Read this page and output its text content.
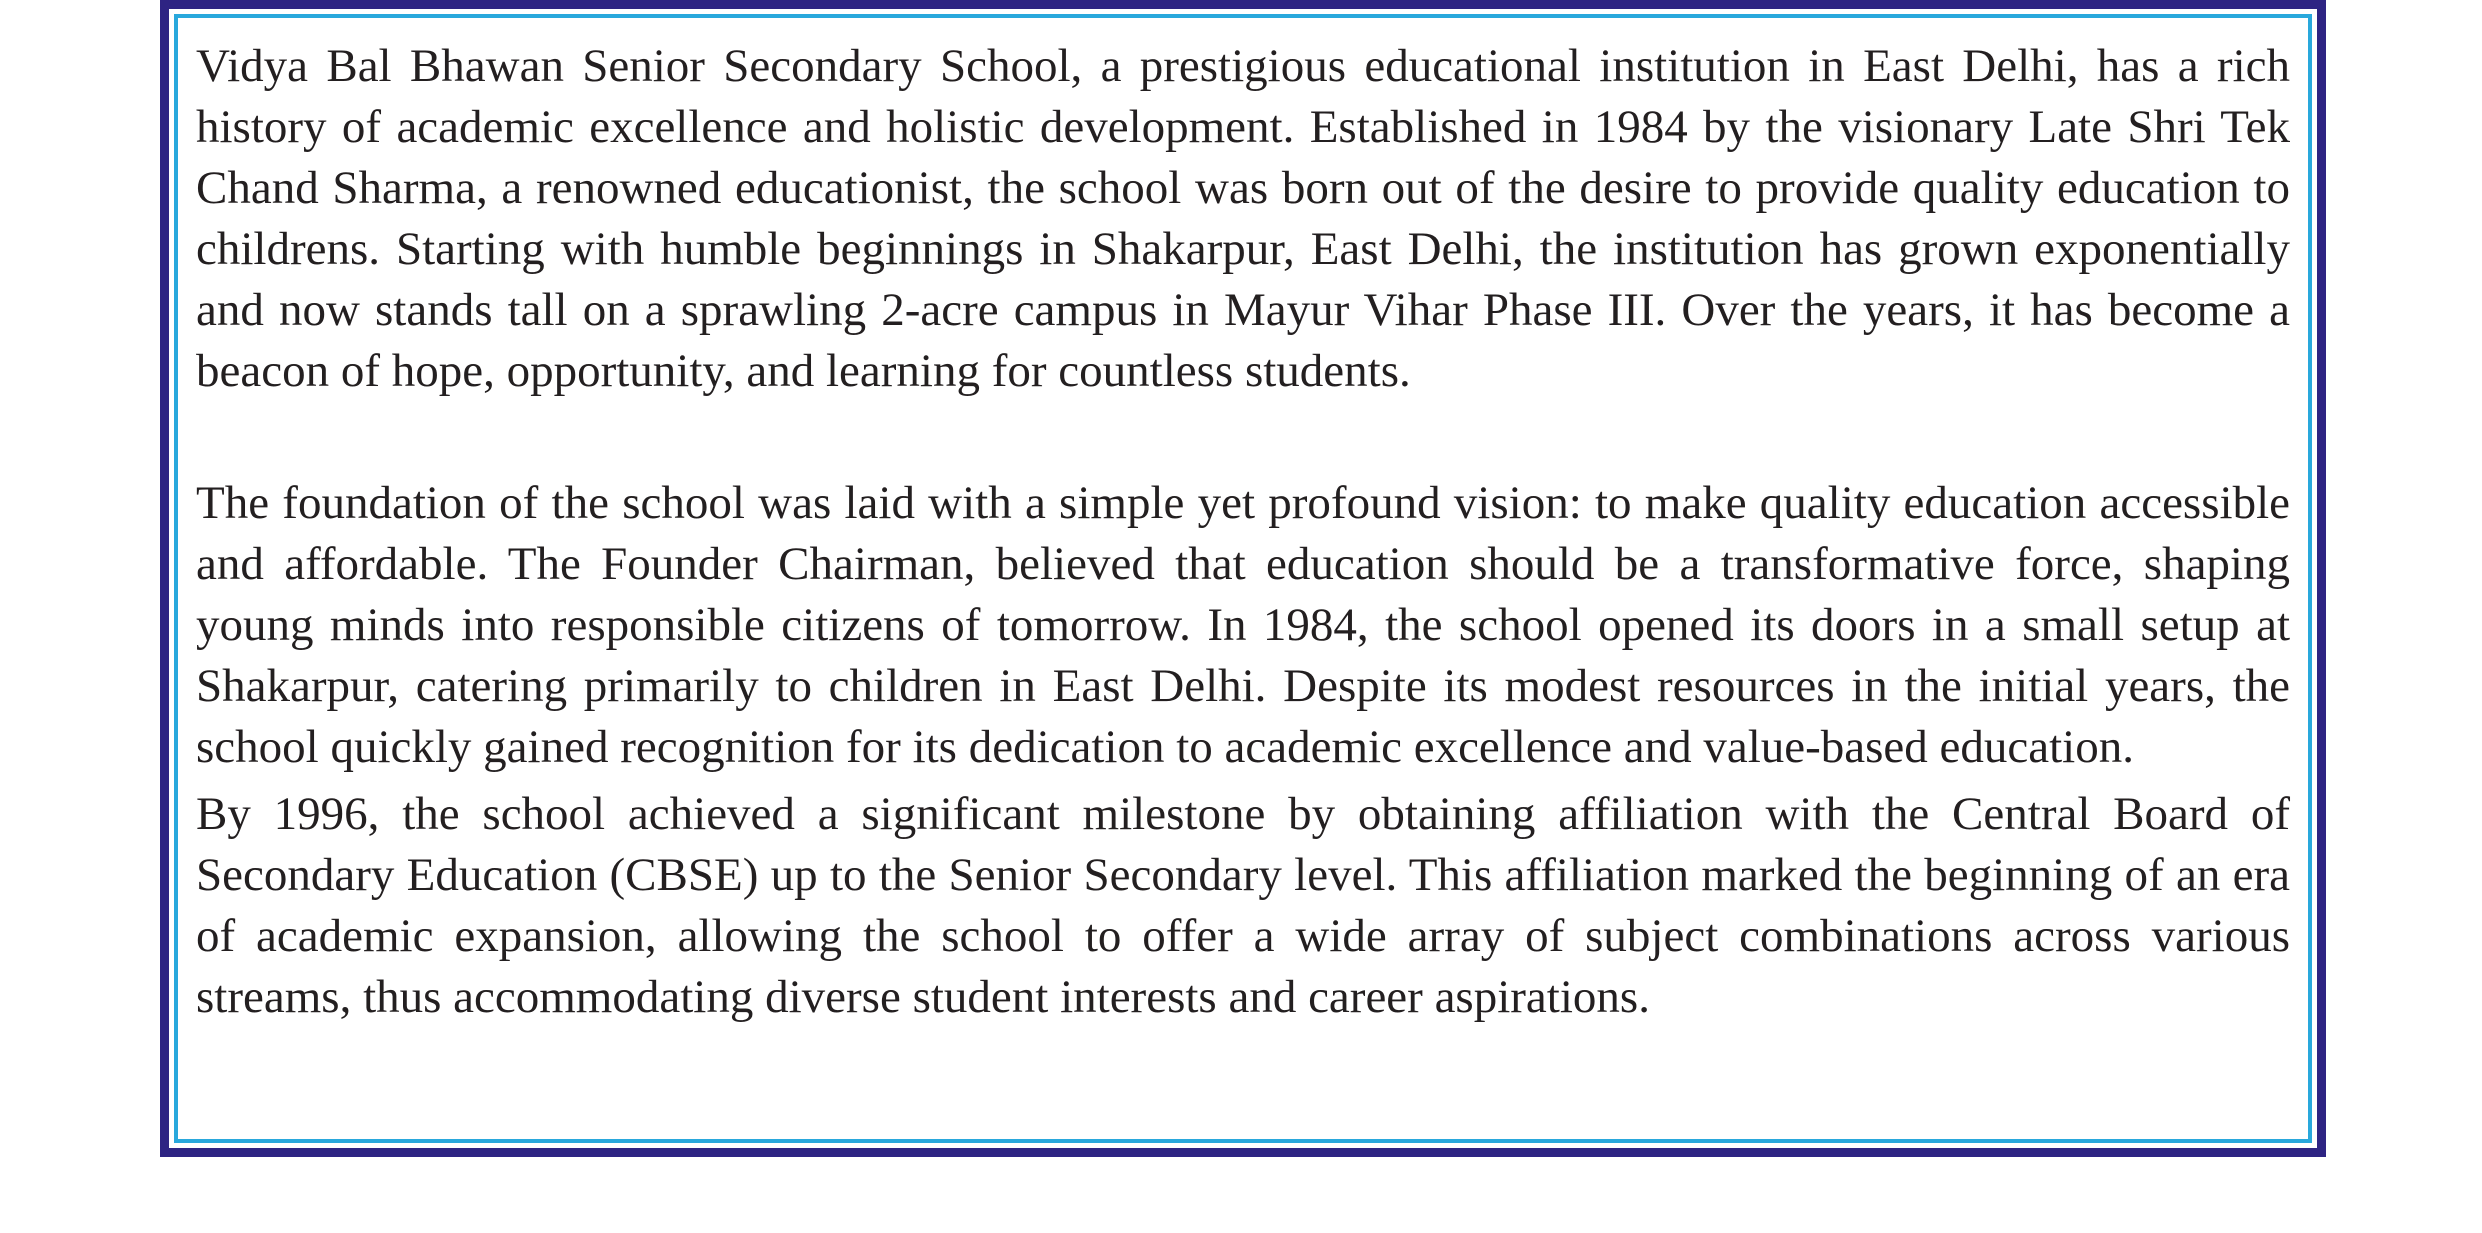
Vidya Bal Bhawan Senior Secondary School, a prestigious educational institution in East Delhi, has a rich history of academic excellence and holistic development. Established in 1984 by the visionary Late Shri Tek Chand Sharma, a renowned educationist, the school was born out of the desire to provide quality education to childrens. Starting with humble beginnings in Shakarpur, East Delhi, the institution has grown exponentially and now stands tall on a sprawling 2-acre campus in Mayur Vihar Phase III. Over the years, it has become a beacon of hope, opportunity, and learning for countless students.

The foundation of the school was laid with a simple yet profound vision: to make quality education accessible and affordable. The Founder Chairman, believed that education should be a transformative force, shaping young minds into responsible citizens of tomorrow. In 1984, the school opened its doors in a small setup at Shakarpur, catering primarily to children in East Delhi. Despite its modest resources in the initial years, the school quickly gained recognition for its dedication to academic excellence and value-based education.

By 1996, the school achieved a significant milestone by obtaining affiliation with the Central Board of Secondary Education (CBSE) up to the Senior Secondary level. This affiliation marked the beginning of an era of academic expansion, allowing the school to offer a wide array of subject combinations across various streams, thus accommodating diverse student interests and career aspirations.
